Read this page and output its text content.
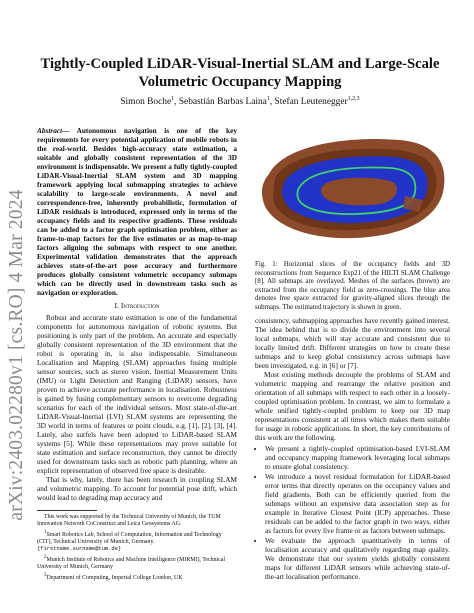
arXiv:2403.02280v1 [cs.RO] 4 Mar 2024
Tightly-Coupled LiDAR-Visual-Inertial SLAM and Large-Scale Volumetric Occupancy Mapping
Simon Boche$^1$, Sebastián Barbas Laina$^1$, Stefan Leutenegger$^{1,2,3}$
Abstract— Autonomous navigation is one of the key requirements for every potential application of mobile robots in the real-world. Besides high-accuracy state estimation, a suitable and globally consistent representation of the 3D environment is indispensable. We present a fully tightly-coupled LiDAR-Visual-Inertial SLAM system and 3D mapping framework applying local submapping strategies to achieve scalability to large-scale environments. A novel and correspondence-free, inherently probabilistic, formulation of LiDAR residuals is introduced, expressed only in terms of the occupancy fields and its respective gradients. These residuals can be added to a factor graph optimisation problem, either as frame-to-map factors for the live estimates or as map-to-map factors aligning the submaps with respect to one another. Experimental validation demonstrates that the approach achieves state-of-the-art pose accuracy and furthermore produces globally consistent volumetric occupancy submaps which can be directly used in downstream tasks such as navigation or exploration.
I. Introduction

Robust and accurate state estimation is one of the fundamental components for autonomous navigation of robotic systems. But positioning is only part of the problem. An accurate and especially globally consistent representation of the 3D environment that the robot is operating in, is also indispensable. Simultaneous Localisation and Mapping (SLAM) approaches fusing multiple sensor sources, such as stereo vision, Inertial Measurement Units (IMU) or Light Detection and Ranging (LiDAR) sensors, have proven to achieve accurate performance in localisation. Robustness is gained by fusing complementary sensors to overcome degrading scenarios for each of the individual sensors. Most state-of-the-art LiDAR-Visual-Inertial (LVI) SLAM systems are representing the 3D world in terms of features or point clouds, e.g. [1], [2], [3], [4]. Lately, also surfels have been adopted to LiDAR-based SLAM systems [5]. While these representations may prove suitable for state estimation and surface reconstruction, they cannot be directly used for downstream tasks such as robotic path planning, where an explicit representation of observed free space is desirable.

That is why, lately, there has been research in coupling SLAM and volumetric mapping. To account for potential pose drift, which would lead to degrading map accuracy and

This work was supported by the Technical University of Munich, the TUM Innovation Network CoConstruct and Leica Geosystems AG.

$^1$Smart Robotics Lab, School of Computation, Information and Technology (CIT), Technical University of Munich, Germany. {firstname.surname@tum.de}

$^2$Munich Institute of Robotics and Machine Intelligence (MIRMI), Technical University of Munich, Germany

$^3$Department of Computing, Imperial College London, UK

Fig. 1: Horizontal slices of the occupancy fields and 3D reconstructions from Sequence Exp21 of the HILTI SLAM Challenge [8]. All submaps are overlayed. Meshes of the surfaces (brown) are extracted from the occupancy field as zero-crossings. The blue area denotes free space extracted for gravity-aligned slices through the submaps. The estimated trajectory is shown in green.

consistency, submapping approaches have recently gained interest. The idea behind that is to divide the environment into several local submaps, which will stay accurate and consistent due to locally limited drift. Different strategies on how to create these submaps and to keep global consistency across submaps have been investigated, e.g. in [6] or [7].

Most existing methods decouple the problems of SLAM and volumetric mapping and rearrange the relative position and orientation of all submaps with respect to each other in a loosely-coupled optimisation problem. In contrast, we aim to formulate a whole unified tightly-coupled problem to keep our 3D map representations consistent at all times which makes them suitable for usage in robotic applications. In short, the key contributions of this work are the following.

• We present a tightly-coupled optimisation-based LVI-SLAM and occupancy mapping framework leveraging local submaps to ensure global consistency.
• We introduce a novel residual formulation for LiDAR-based error terms that directly operates on the occupancy values and field gradients. Both can be efficiently queried from the submaps without an expensive data association step as for example in Iterative Closest Point (ICP) approaches. These residuals can be added to the factor graph in two ways, either as factors for every live frame or as factors between submaps.
• We evaluate the approach quantitatively in terms of localisation accuracy and qualitatively regarding map quality. We demonstrate that our system yields globally consistent maps for different LiDAR sensors while achieving state-of-the-art localisation performance.
